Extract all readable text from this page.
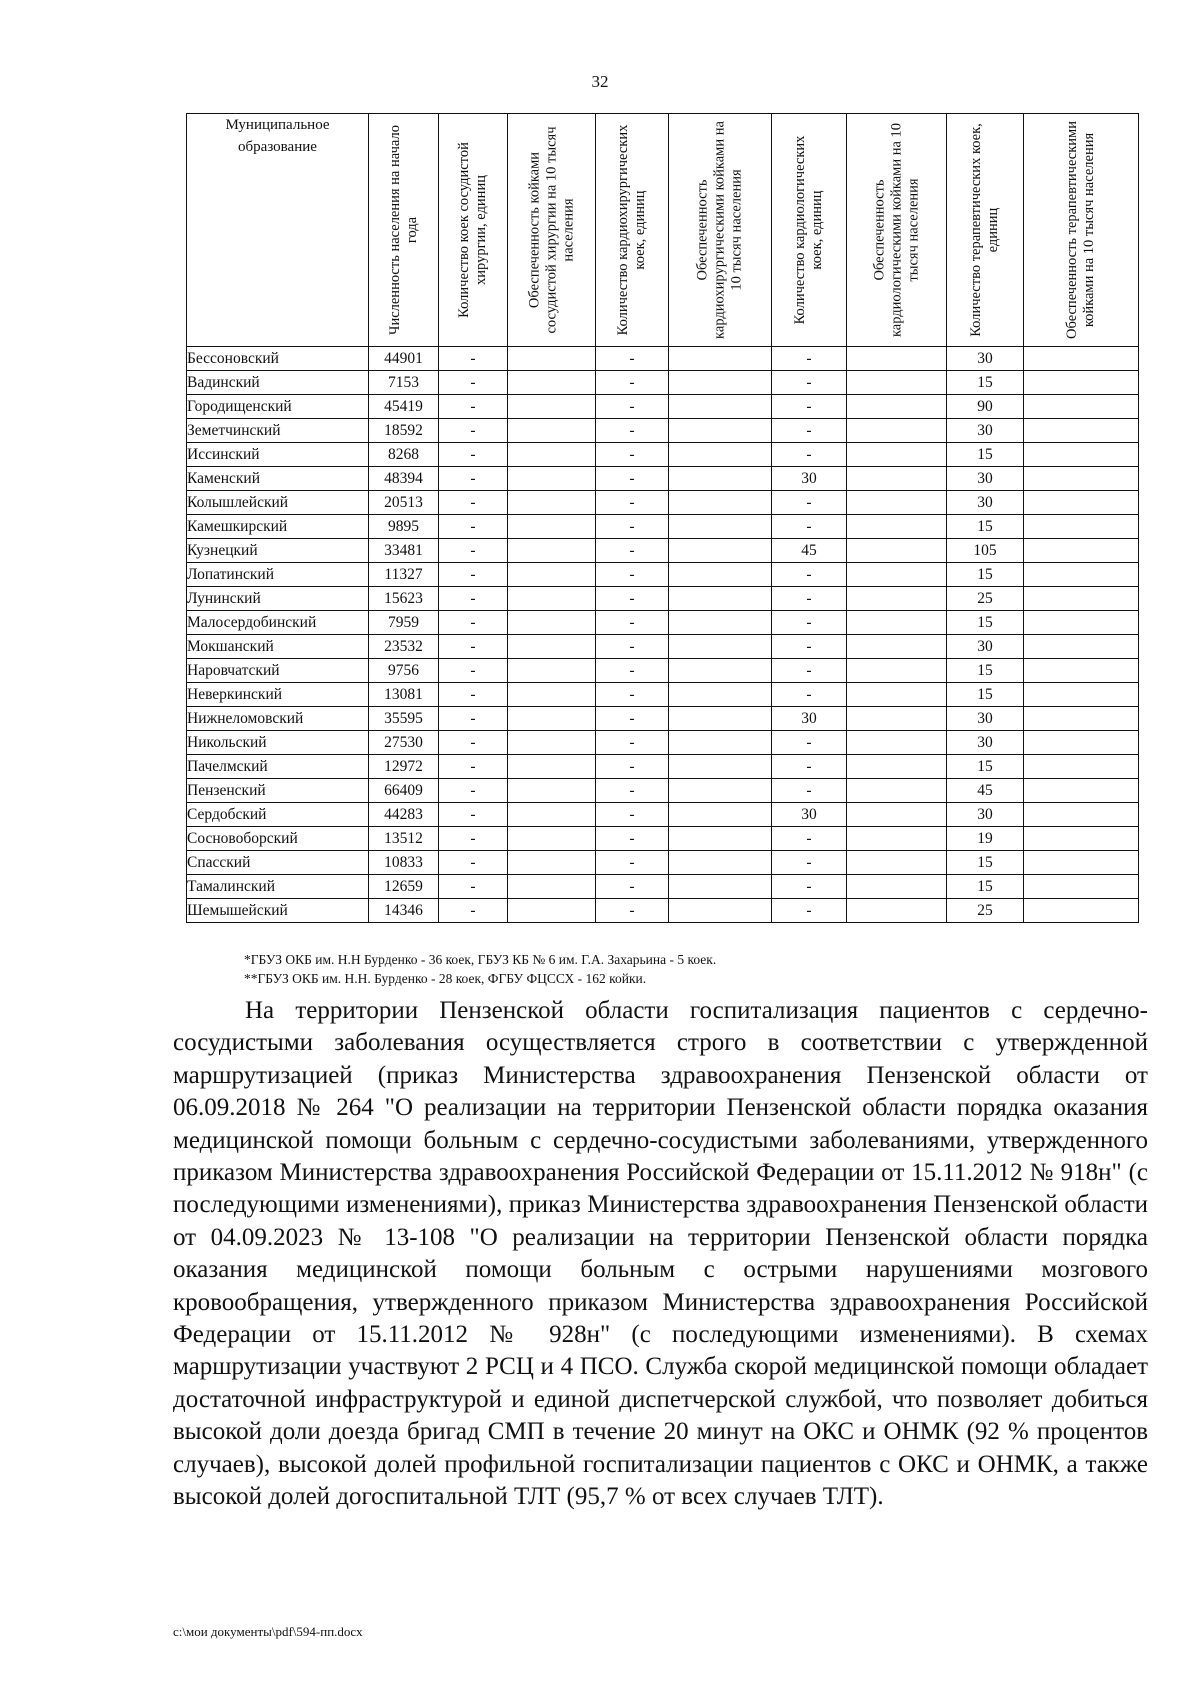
32
Муниципальное образование	Численность населения на начало года	Количество коек сосудистой хирургии, единиц	Обеспеченность койками сосудистой хирургии на 10 тысяч населения	Количество кардиохирургических коек, единиц	Обеспеченность кардиохирургическими койками на 10 тысяч населения	Количество кардиологических коек, единиц	Обеспеченность кардиологическими койками на 10 тысяч населения	Количество терапевтических коек, единиц	Обеспеченность терапевтическими койками на 10 тысяч населения

Бессоновский	44901	-		-		-		30	
Вадинский	7153	-		-		-		15	
Городищенский	45419	-		-		-		90	
Земетчинский	18592	-		-		-		30	
Иссинский	8268	-		-		-		15	
Каменский	48394	-		-		30		30	
Колышлейский	20513	-		-		-		30	
Камешкирский	9895	-		-		-		15	
Кузнецкий	33481	-		-		45		105	
Лопатинский	11327	-		-		-		15	
Лунинский	15623	-		-		-		25	
Малосердобинский	7959	-		-		-		15	
Мокшанский	23532	-		-		-		30	
Наровчатский	9756	-		-		-		15	
Неверкинский	13081	-		-		-		15	
Нижнеломовский	35595	-		-		30		30	
Никольский	27530	-		-		-		30	
Пачелмский	12972	-		-		-		15	
Пензенский	66409	-		-		-		45	
Сердобский	44283	-		-		30		30	
Сосновоборский	13512	-		-		-		19	
Спасский	10833	-		-		-		15	
Тамалинский	12659	-		-		-		15	
Шемышейский	14346	-		-		-		25	
*ГБУЗ ОКБ им. Н.Н Бурденко - 36 коек, ГБУЗ КБ № 6 им. Г.А. Захарьина - 5 коек.
**ГБУЗ ОКБ им. Н.Н. Бурденко - 28 коек, ФГБУ ФЦССХ - 162 койки.

На территории Пензенской области госпитализация пациентов с сердечно-сосудистыми заболевания осуществляется строго в соответствии с утвержденной маршрутизацией (приказ Министерства здравоохранения Пензенской области от 06.09.2018 № 264 "О реализации на территории Пензенской области порядка оказания медицинской помощи больным с сердечно-сосудистыми заболеваниями, утвержденного приказом Министерства здравоохранения Российской Федерации от 15.11.2012 № 918н" (с последующими изменениями), приказ Министерства здравоохранения Пензенской области от 04.09.2023 № 13-108 "О реализации на территории Пензенской области порядка оказания медицинской помощи больным с острыми нарушениями мозгового кровообращения, утвержденного приказом Министерства здравоохранения Российской Федерации от 15.11.2012 № 928н" (с последующими изменениями). В схемах маршрутизации участвуют 2 РСЦ и 4 ПСО. Служба скорой медицинской помощи обладает достаточной инфраструктурой и единой диспетчерской службой, что позволяет добиться высокой доли доезда бригад СМП в течение 20 минут на ОКС и ОНМК (92 % процентов случаев), высокой долей профильной госпитализации пациентов с ОКС и ОНМК, а также высокой долей догоспитальной ТЛТ (95,7 % от всех случаев ТЛТ).

c:\мои документы\pdf\594-пп.docx
